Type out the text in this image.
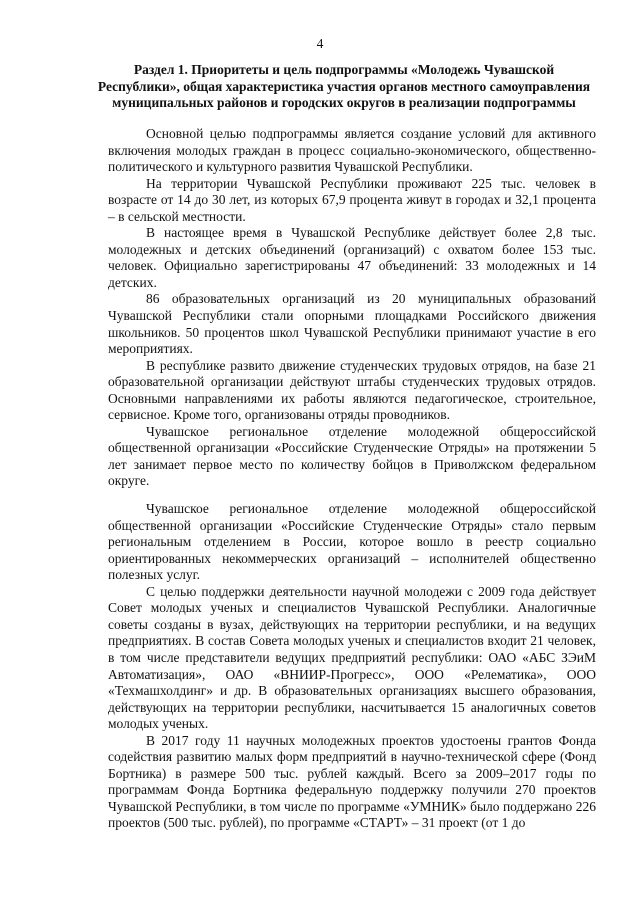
4
Раздел 1. Приоритеты и цель подпрограммы «Молодежь Чувашской Республики», общая характеристика участия органов местного самоуправления муниципальных районов и городских округов в реализации подпрограммы

Основной целью подпрограммы является создание условий для активного включения молодых граждан в процесс социально-экономического, общественно-политического и культурного развития Чувашской Республики.

На территории Чувашской Республики проживают 225 тыс. человек в возрасте от 14 до 30 лет, из которых 67,9 процента живут в городах и 32,1 процента – в сельской местности.

В настоящее время в Чувашской Республике действует более 2,8 тыс. молодежных и детских объединений (организаций) с охватом более 153 тыс. человек. Официально зарегистрированы 47 объединений: 33 молодежных и 14 детских.

86 образовательных организаций из 20 муниципальных образований Чувашской Республики стали опорными площадками Российского движения школьников. 50 процентов школ Чувашской Республики принимают участие в его мероприятиях.

В республике развито движение студенческих трудовых отрядов, на базе 21 образовательной организации действуют штабы студенческих трудовых отрядов. Основными направлениями их работы являются педагогическое, строительное, сервисное. Кроме того, организованы отряды проводников.

Чувашское региональное отделение молодежной общероссийской общественной организации «Российские Студенческие Отряды» на протяжении 5 лет занимает первое место по количеству бойцов в Приволжском федеральном округе.

Чувашское региональное отделение молодежной общероссийской общественной организации «Российские Студенческие Отряды» стало первым региональным отделением в России, которое вошло в реестр социально ориентированных некоммерческих организаций – исполнителей общественно полезных услуг.

С целью поддержки деятельности научной молодежи с 2009 года действует Совет молодых ученых и специалистов Чувашской Республики. Аналогичные советы созданы в вузах, действующих на территории республики, и на ведущих предприятиях. В состав Совета молодых ученых и специалистов входит 21 человек, в том числе представители ведущих предприятий республики: ОАО «АБС ЗЭиМ Автоматизация», ОАО «ВНИИР-Прогресс», ООО «Релематика», ООО «Техмашхолдинг» и др. В образовательных организациях высшего образования, действующих на территории республики, насчитывается 15 аналогичных советов молодых ученых.

В 2017 году 11 научных молодежных проектов удостоены грантов Фонда содействия развитию малых форм предприятий в научно-технической сфере (Фонд Бортника) в размере 500 тыс. рублей каждый. Всего за 2009–2017 годы по программам Фонда Бортника федеральную поддержку получили 270 проектов Чувашской Республики, в том числе по программе «УМНИК» было поддержано 226 проектов (500 тыс. рублей), по программе «СТАРТ» – 31 проект (от 1 до
